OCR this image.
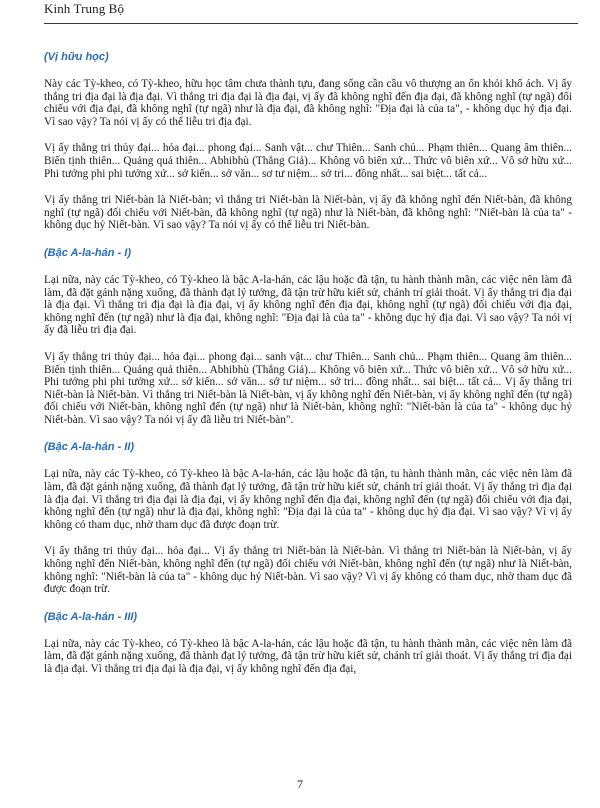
Kinh Trung Bộ
(Vị hữu học)

Này các Tỳ-kheo, có Tỳ-kheo, hữu học tâm chưa thành tựu, đang sống cần cầu vô thượng an ổn khỏi khổ ách. Vị ấy thắng tri địa đại là địa đại. Vì thắng tri địa đại là địa đại, vị ấy đã không nghĩ đến địa đại, đã không nghĩ (tự ngã) đối chiếu với địa đại, đã không nghĩ (tự ngã) như là địa đại, đã không nghĩ: "Địa đại là của ta", - không dục hỷ địa đại. Vì sao vậy? Ta nói vị ấy có thể liễu tri địa đại.

Vị ấy thắng tri thủy đại... hỏa đại... phong đại... Sanh vật... chư Thiên... Sanh chủ... Phạm thiên... Quang âm thiên... Biến tịnh thiên... Quảng quả thiên... Abhibhù (Thắng Giả)... Không vô biên xứ... Thức vô biên xứ... Vô sở hữu xứ... Phi tưởng phi phi tưởng xứ... sở kiến... sở văn... sơ tư niệm... sở tri... đồng nhất... sai biệt... tất cả...

Vị ấy thắng tri Niết-bàn là Niết-bàn; vì thắng tri Niết-bàn là Niết-bàn, vị ấy đã không nghĩ đến Niết-bàn, đã không nghĩ (tự ngã) đối chiếu với Niết-bàn, đã không nghĩ (tự ngã) như là Niết-bàn, đã không nghĩ: "Niết-bàn là của ta" - không dục hỷ Niết-bàn. Vì sao vậy? Ta nói vị ấy có thể liễu tri Niết-bàn.

(Bậc A-la-hán - I)

Lại nữa, này các Tỳ-kheo, có Tỳ-kheo là bậc A-la-hán, các lậu hoặc đã tận, tu hành thành mãn, các việc nên làm đã làm, đã đặt gánh nặng xuống, đã thành đạt lý tưởng, đã tận trừ hữu kiết sử, chánh trí giải thoát. Vị ấy thắng tri địa đại là địa đại. Vì thắng tri địa đại là địa đại, vị ấy không nghĩ đến địa đại, không nghĩ (tự ngã) đối chiếu với địa đại, không nghĩ đến (tự ngã) như là địa đại, không nghĩ: "Địa đại là của ta" - không dục hỷ địa đại. Vì sao vậy? Ta nói vị ấy đã liễu tri địa đại.

Vị ấy thắng tri thủy đại... hỏa đại... phong đại... sanh vật... chư Thiên... Sanh chủ... Phạm thiên... Quang âm thiên... Biến tịnh thiên... Quảng quả thiên... Abhibhù (Thắng Giả)... Không vô biên xứ... Thức vô biên xứ... Vô sở hữu xứ... Phi tưởng phi phi tưởng xứ... sở kiến... sở văn... sở tư niệm... sở tri... đồng nhất... sai biệt... tất cả... Vị ấy thắng tri Niết-bàn là Niết-bàn. Vì thắng tri Niết-bàn là Niết-bàn, vị ấy không nghĩ đến Niết-bàn, vị ấy không nghĩ đến (tự ngã) đối chiếu với Niết-bàn, không nghĩ đến (tự ngã) như là Niết-bàn, không nghĩ: "Niết-bàn là của ta" - không dục hỷ Niết-bàn. Vì sao vậy? Ta nói vị ấy đã liễu tri Niết-bàn".

(Bậc A-la-hán - II)

Lại nữa, này các Tỳ-kheo, có Tỳ-kheo là bậc A-la-hán, các lậu hoặc đã tận, tu hành thành mãn, các việc nên làm đã làm, đã đặt gánh nặng xuống, đã thành đạt lý tưởng, đã tận trừ hữu kiết sử, chánh trí giải thoát. Vị ấy thắng tri địa đại là địa đại. Vì thắng tri địa đại là địa đại, vị ấy không nghĩ đến địa đại, không nghĩ đến (tự ngã) đối chiếu với địa đại, không nghĩ đến (tự ngã) như là địa đại, không nghĩ: "Địa đại là của ta" - không dục hỷ địa đại. Vì sao vậy? Vì vị ấy không có tham dục, nhờ tham dục đã được đoạn trừ.

Vị ấy thắng tri thủy đại... hỏa đại... Vị ấy thắng tri Niết-bàn là Niết-bàn. Vì thắng tri Niết-bàn là Niết-bàn, vị ấy không nghĩ đến Niết-bàn, không nghĩ đến (tự ngã) đối chiếu với Niết-bàn, không nghĩ đến (tự ngã) như là Niết-bàn, không nghĩ: "Niết-bàn là của ta" - không dục hỷ Niết-bàn. Vì sao vậy? Vì vị ấy không có tham dục, nhờ tham dục đã được đoạn trừ.

(Bậc A-la-hán - III)

Lại nữa, này các Tỳ-kheo, có Tỳ-kheo là bậc A-la-hán, các lậu hoặc đã tận, tu hành thành mãn, các việc nên làm đã làm, đã đặt gánh nặng xuống, đã thành đạt lý tưởng, đã tận trừ hữu kiết sử, chánh trí giải thoát. Vị ấy thắng tri địa đại là địa đại. Vì thắng tri địa đại là địa đại, vị ấy không nghĩ đến địa đại,

7
